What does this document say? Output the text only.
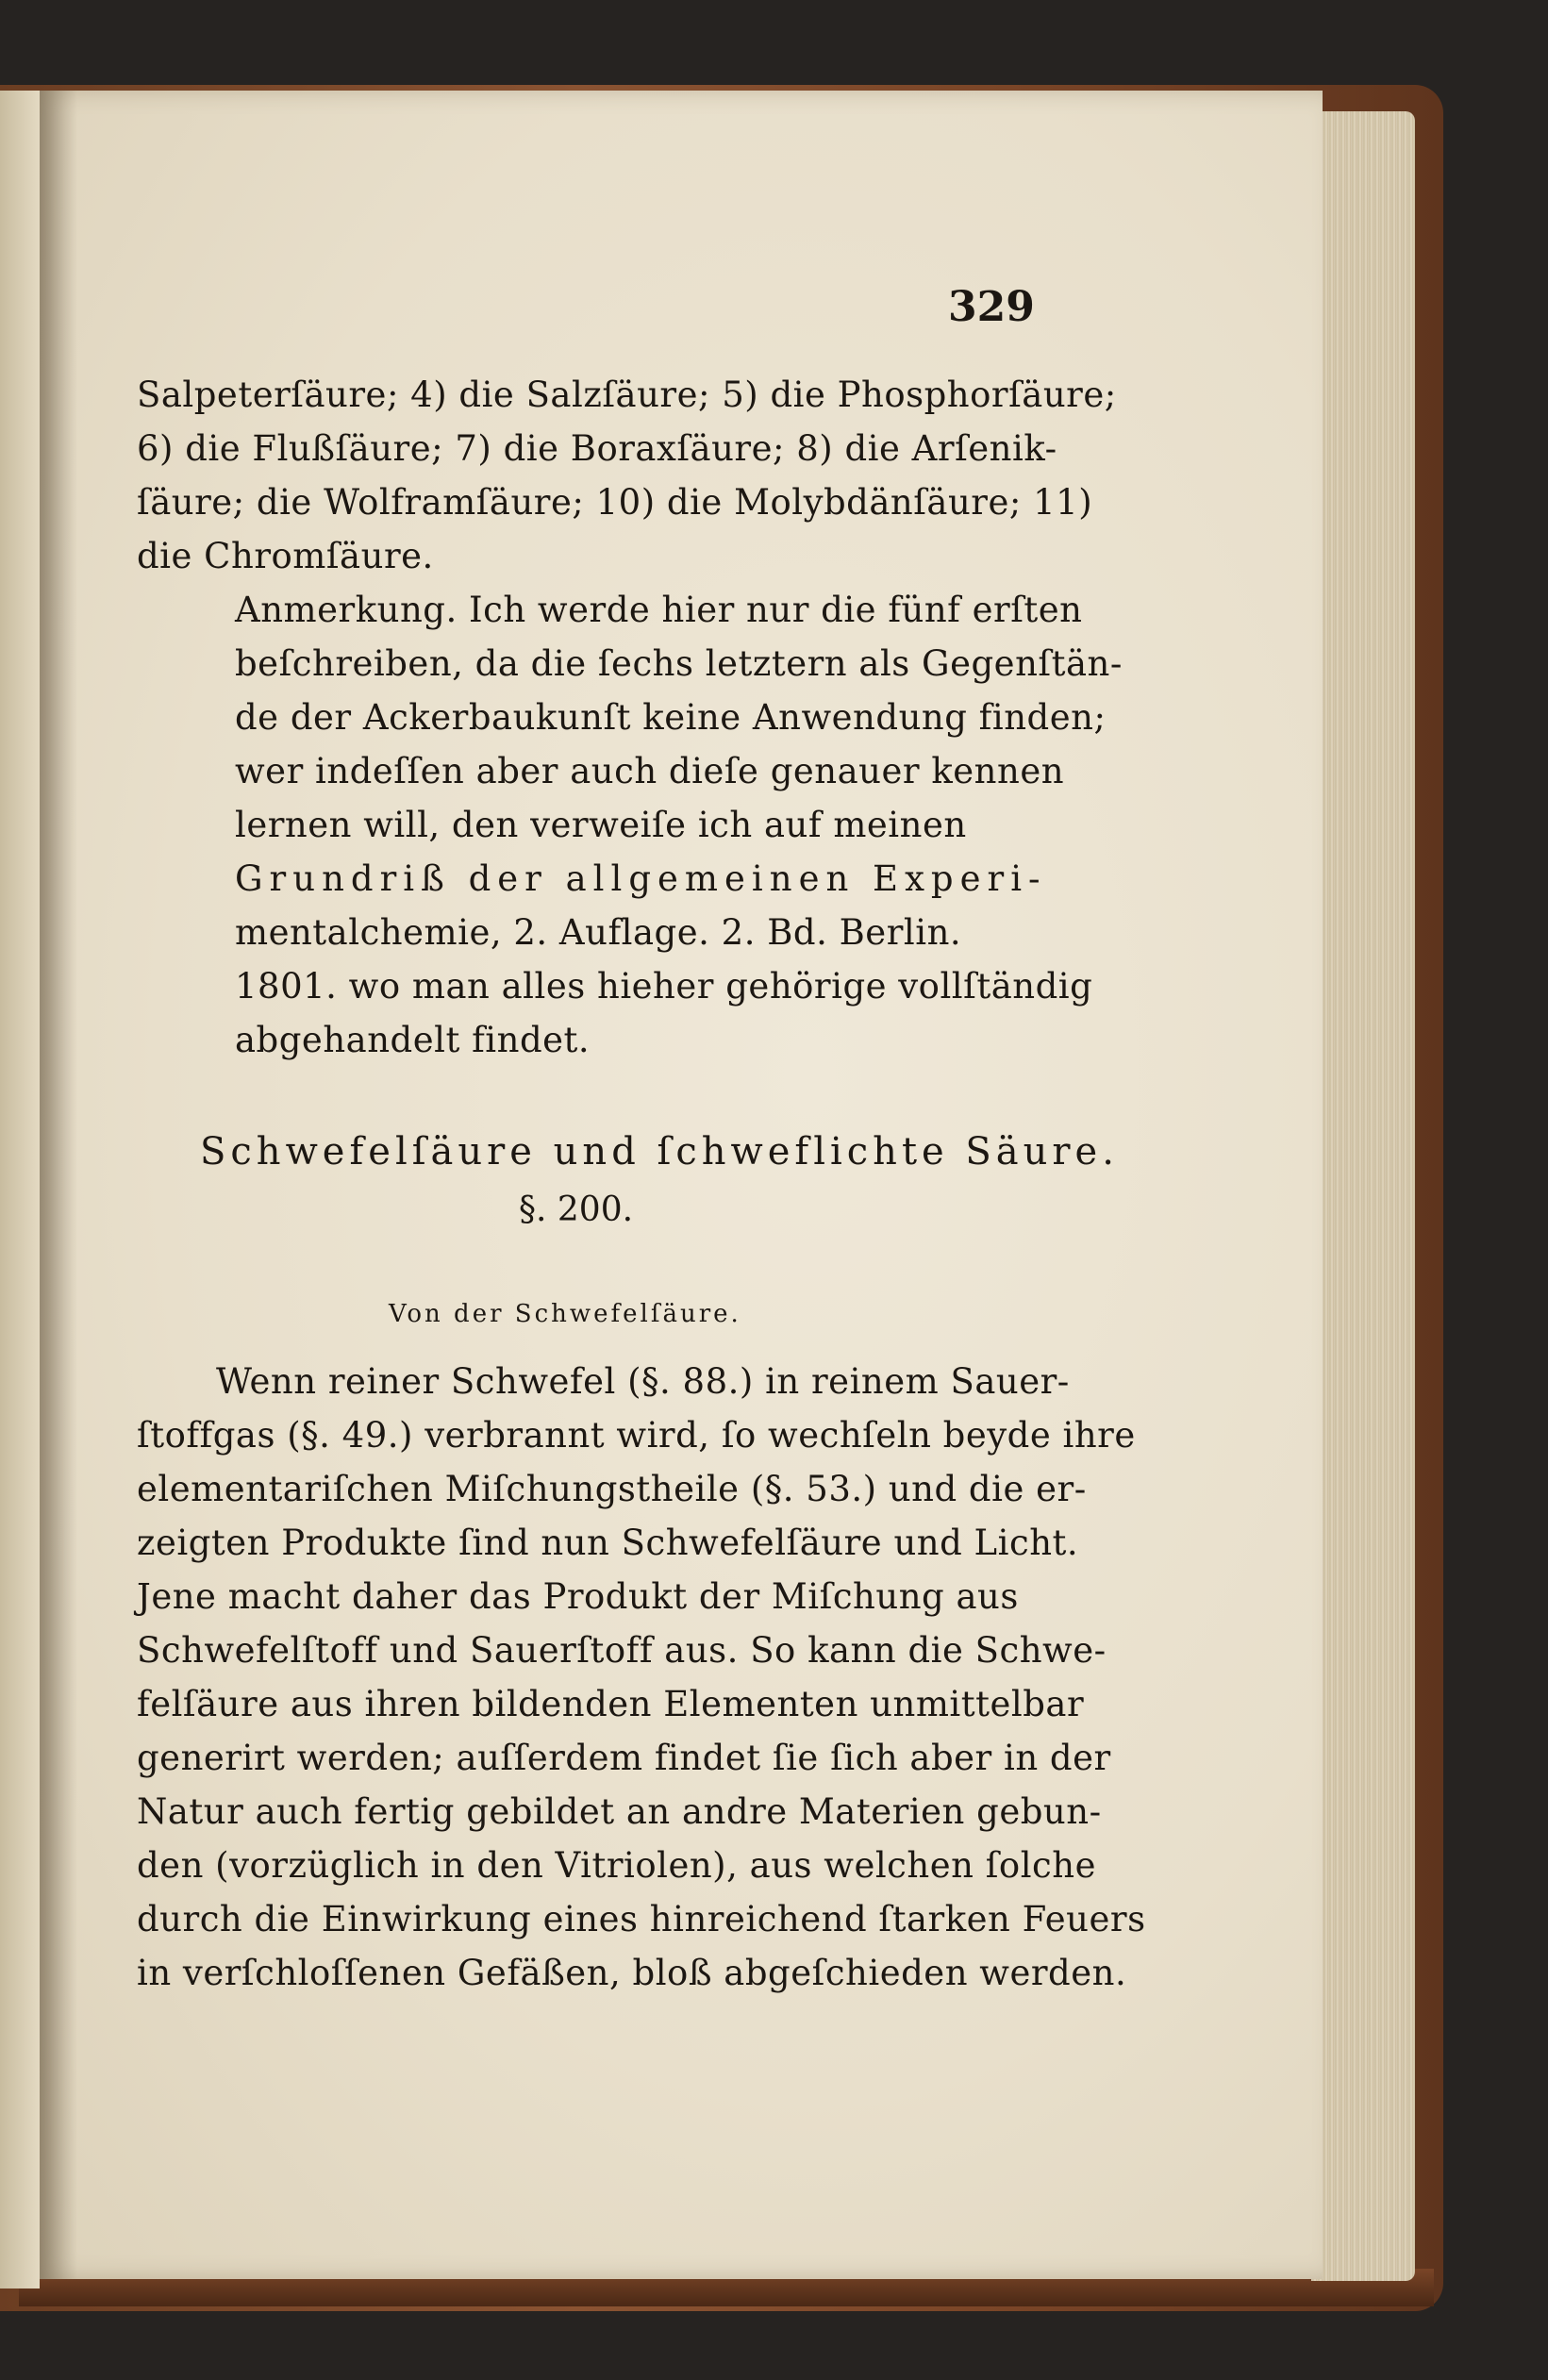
329
Salpeterſäure; 4) die Salzſäure; 5) die Phosphorſäure;
6) die Flußſäure; 7) die Boraxſäure; 8) die Arſenik-
ſäure; die Wolframſäure; 10) die Molybdänſäure; 11)
die Chromſäure.
Anmerkung. Ich werde hier nur die fünf erſten
beſchreiben, da die ſechs letztern als Gegenſtän-
de der Ackerbaukunſt keine Anwendung finden;
wer indeſſen aber auch dieſe genauer kennen
lernen will, den verweiſe ich auf meinen
Grundriß der allgemeinen Experi-
mentalchemie, 2. Auflage. 2. Bd. Berlin.
1801. wo man alles hieher gehörige vollſtändig
abgehandelt findet.
Schwefelſäure und ſchweflichte Säure.
§. 200.
Von der Schwefelſäure.
Wenn reiner Schwefel (§. 88.) in reinem Sauer-
ſtoffgas (§. 49.) verbrannt wird, ſo wechſeln beyde ihre
elementariſchen Miſchungstheile (§. 53.) und die er-
zeigten Produkte ſind nun Schwefelſäure und Licht.
Jene macht daher das Produkt der Miſchung aus
Schwefelſtoff und Sauerſtoff aus. So kann die Schwe-
felſäure aus ihren bildenden Elementen unmittelbar
generirt werden; auſſerdem findet ſie ſich aber in der
Natur auch fertig gebildet an andre Materien gebun-
den (vorzüglich in den Vitriolen), aus welchen ſolche
durch die Einwirkung eines hinreichend ſtarken Feuers
in verſchloſſenen Gefäßen, bloß abgeſchieden werden.
